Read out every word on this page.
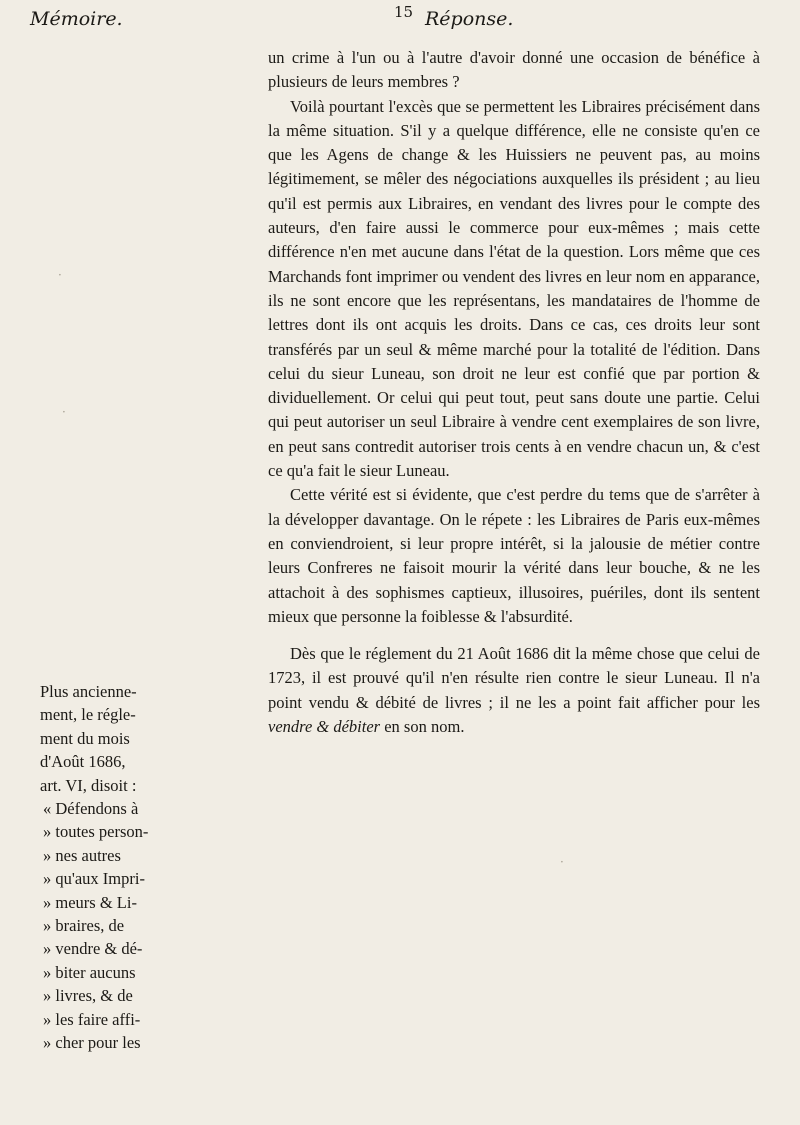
Mémoire.	15 Réponse.

un crime à l'un ou à l'autre d'avoir donné une occasion de bénéfice à plusieurs de leurs membres ?

Voilà pourtant l'excès que se permettent les Libraires précisément dans la même situation. S'il y a quelque différence, elle ne consiste qu'en ce que les Agens de change & les Huissiers ne peuvent pas, au moins légitimement, se mêler des négociations auxquelles ils président ; au lieu qu'il est permis aux Libraires, en vendant des livres pour le compte des auteurs, d'en faire aussi le commerce pour eux-mêmes ; mais cette différence n'en met aucune dans l'état de la question. Lors même que ces Marchands font imprimer ou vendent des livres en leur nom en apparance, ils ne sont encore que les représentans, les mandataires de l'homme de lettres dont ils ont acquis les droits. Dans ce cas, ces droits leur sont transférés par un seul & même marché pour la totalité de l'édition. Dans celui du sieur Luneau, son droit ne leur est confié que par portion & dividuellement. Or celui qui peut tout, peut sans doute une partie. Celui qui peut autoriser un seul Libraire à vendre cent exemplaires de son livre, en peut sans contredit autoriser trois cents à en vendre chacun un, & c'est ce qu'a fait le sieur Luneau.

Cette vérité est si évidente, que c'est perdre du tems que de s'arrêter à la développer davantage. On le répete : les Libraires de Paris eux-mêmes en conviendroient, si leur propre intérêt, si la jalousie de métier contre leurs Confreres ne faisoit mourir la vérité dans leur bouche, & ne les attachoit à des sophismes captieux, illusoires, puériles, dont ils sentent mieux que personne la foiblesse & l'absurdité.

Dès que le réglement du 21 Août 1686 dit la même chose que celui de 1723, il est prouvé qu'il n'en résulte rien contre le sieur Luneau. Il n'a point vendu & débité de livres ; il ne les a point fait afficher pour les vendre & débiter en son nom.

Plus ancienne-
ment, le régle-
ment du mois
d'Août 1686,
art. VI, disoit :
« Défendons à
» toutes person-
» nes autres
» qu'aux Impri-
» meurs & Li-
» braires, de
» vendre & dé-
» biter aucuns
» livres, & de
» les faire affi-
» cher pour les
·
·
·
